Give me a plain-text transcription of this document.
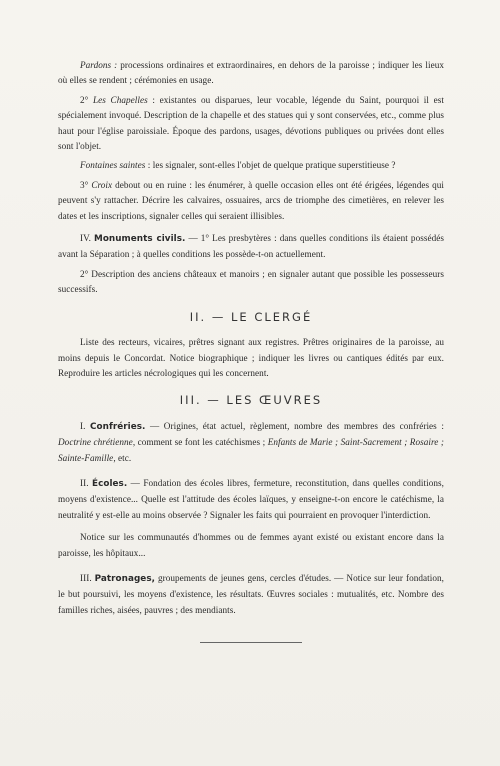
Pardons : processions ordinaires et extraordinaires, en dehors de la paroisse ; indiquer les lieux où elles se rendent ; cérémonies en usage.

2° Les Chapelles : existantes ou disparues, leur vocable, légende du Saint, pourquoi il est spécialement invoqué. Description de la chapelle et des statues qui y sont conservées, etc., comme plus haut pour l'église paroissiale. Époque des pardons, usages, dévotions publiques ou privées dont elles sont l'objet.

Fontaines saintes : les signaler, sont-elles l'objet de quelque pratique superstitieuse ?

3° Croix debout ou en ruine : les énumérer, à quelle occasion elles ont été érigées, légendes qui peuvent s'y rattacher. Décrire les calvaires, ossuaires, arcs de triomphe des cimetières, en relever les dates et les inscriptions, signaler celles qui seraient illisibles.

IV. Monuments civils. — 1° Les presbytères : dans quelles conditions ils étaient possédés avant la Séparation ; à quelles conditions les possède-t-on actuellement.

2° Description des anciens châteaux et manoirs ; en signaler autant que possible les possesseurs successifs.

II. — LE CLERGÉ

Liste des recteurs, vicaires, prêtres signant aux registres. Prêtres originaires de la paroisse, au moins depuis le Concordat. Notice biographique ; indiquer les livres ou cantiques édités par eux. Reproduire les articles nécrologiques qui les concernent.

III. — LES ŒUVRES

I. Confréries. — Origines, état actuel, règlement, nombre des membres des confréries : Doctrine chrétienne, comment se font les catéchismes ; Enfants de Marie ; Saint-Sacrement ; Rosaire ; Sainte-Famille, etc.

II. Écoles. — Fondation des écoles libres, fermeture, reconstitution, dans quelles conditions, moyens d'existence... Quelle est l'attitude des écoles laïques, y enseigne-t-on encore le catéchisme, la neutralité y est-elle au moins observée ? Signaler les faits qui pourraient en provoquer l'interdiction.

Notice sur les communautés d'hommes ou de femmes ayant existé ou existant encore dans la paroisse, les hôpitaux...

III. Patronages, groupements de jeunes gens, cercles d'études. — Notice sur leur fondation, le but poursuivi, les moyens d'existence, les résultats. Œuvres sociales : mutualités, etc. Nombre des familles riches, aisées, pauvres ; des mendiants.
